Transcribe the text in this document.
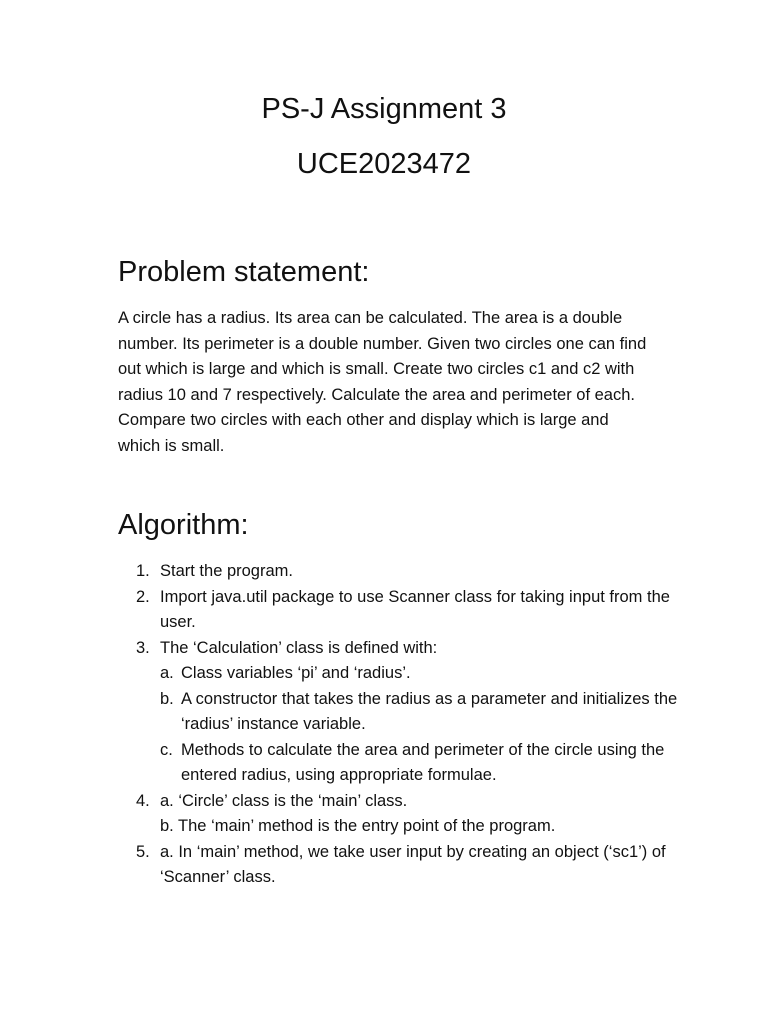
PS-J Assignment 3
UCE2023472
Problem statement:

A circle has a radius. Its area can be calculated. The area is a double number. Its perimeter is a double number. Given two circles one can find out which is large and which is small. Create two circles c1 and c2 with radius 10 and 7 respectively. Calculate the area and perimeter of each. Compare two circles with each other and display which is large and which is small.

Algorithm:
1. Start the program.
2. Import java.util package to use Scanner class for taking input from the user.
3. The ‘Calculation’ class is defined with:
a. Class variables ‘pi’ and ‘radius’.
b. A constructor that takes the radius as a parameter and initializes the ‘radius’ instance variable.
c. Methods to calculate the area and perimeter of the circle using the entered radius, using appropriate formulae.
4. a. ‘Circle’ class is the ‘main’ class.
b. The ‘main’ method is the entry point of the program.
5. a. In ‘main’ method, we take user input by creating an object (‘sc1’) of ‘Scanner’ class.
